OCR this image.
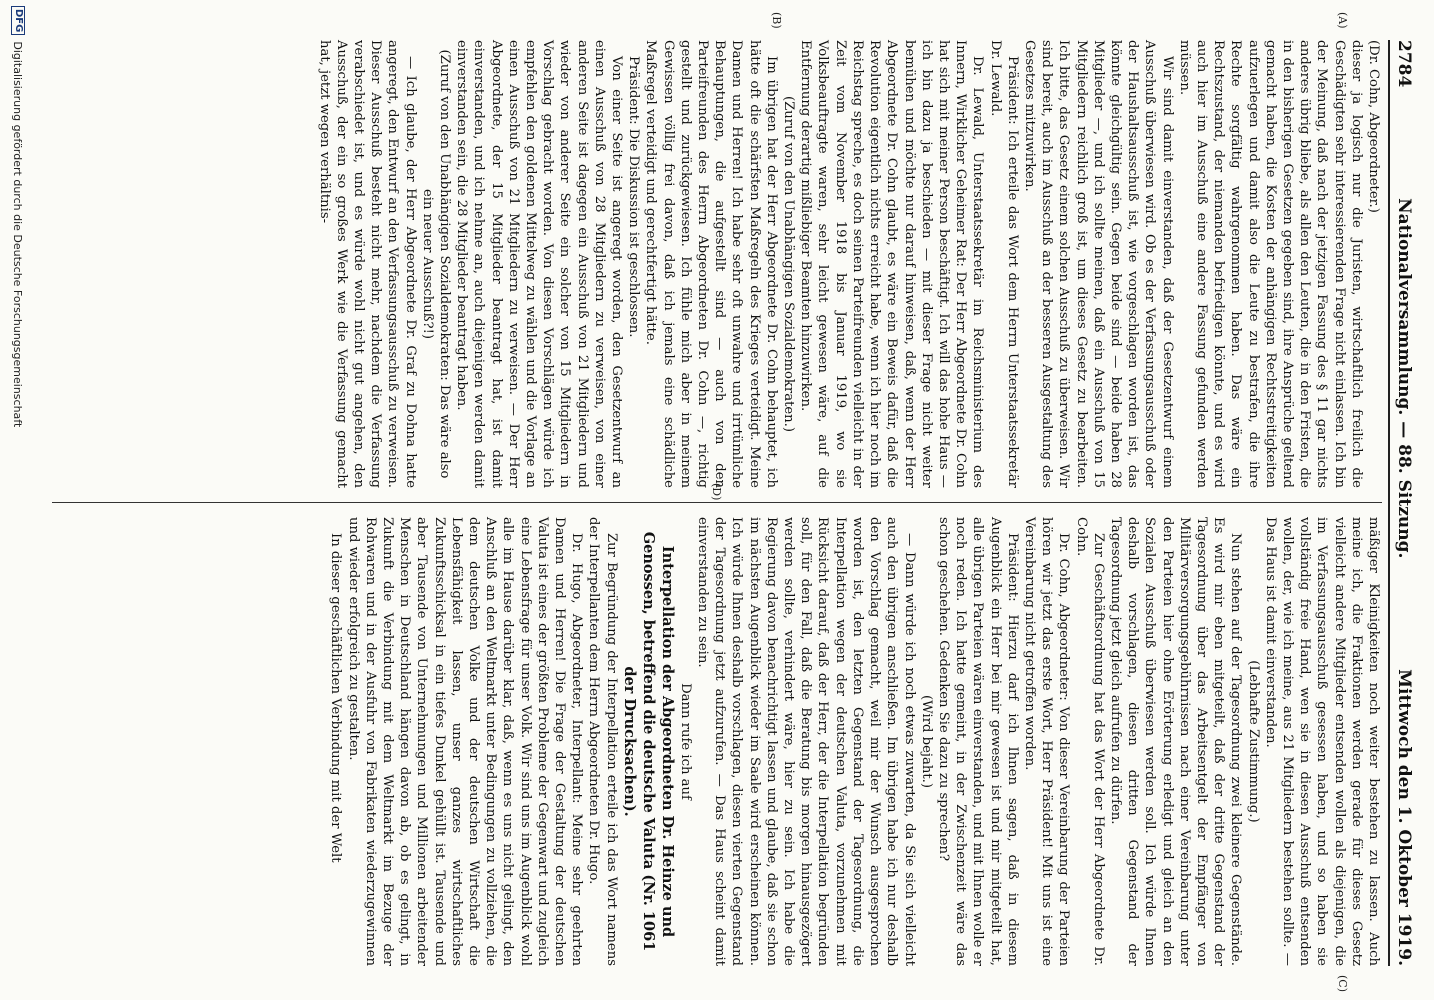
2784
Nationalversammlung. — 88. Sitzung.
Mittwoch den 1. Oktober 1919.
(A)
(B)

(Dr. Cohn, Abgeordneter.)

dieser ja logisch nur die Juristen, wirtschaftlich freilich die Geschädigten sehr interessierenden Frage nicht einlassen. Ich bin der Meinung, daß nach der jetzigen Fassung des § 11 gar nichts anderes übrig bliebe, als allen den Leuten, die in den Fristen, die in den bisherigen Gesetzen gegeben sind, ihre Ansprüche geltend gemacht haben, die Kosten der anhängigen Rechtsstreitigkeiten aufzuerlegen und damit also die Leute zu bestrafen, die ihre Rechte sorgfältig wahrgenommen haben. Das wäre ein Rechtszustand, der niemanden befriedigen könnte, und es wird auch hier im Ausschuß eine andere Fassung gefunden werden müssen.

Wir sind damit einverstanden, daß der Gesetzentwurf einem Ausschuß überwiesen wird. Ob es der Verfassungsausschuß oder der Haushaltsausschuß ist, wie vorgeschlagen worden ist, das könnte gleichgültig sein. Gegen beide sind — beide haben 28 Mitglieder —, und ich sollte meinen, daß ein Ausschuß von 15 Mitgliedern reichlich groß ist, um dieses Gesetz zu bearbeiten. Ich bitte, das Gesetz einem solchen Ausschuß zu überweisen. Wir sind bereit, auch im Ausschuß an der besseren Ausgestaltung des Gesetzes mitzuwirken.

Präsident: Ich erteile das Wort dem Herrn Unterstaatssekretär Dr. Lewald.

Dr. Lewald, Unterstaatssekretär im Reichsministerium des Innern, Wirklicher Geheimer Rat: Der Herr Abgeordnete Dr. Cohn hat sich mit meiner Person beschäftigt. Ich will das hohe Haus — ich bin dazu ja beschieden — mit dieser Frage nicht weiter bemühen und möchte nur darauf hinweisen, daß, wenn der Herr Abgeordnete Dr. Cohn glaubt, es wäre ein Beweis dafür, daß die Revolution eigentlich nichts erreicht habe, wenn ich hier noch im Reichstag spreche, es doch seinen Parteifreunden vielleicht in der Zeit vom November 1918 bis Januar 1919, wo sie Volksbeauftragte waren, sehr leicht gewesen wäre, auf die Entfernung derartig mißliebiger Beamten hinzuwirken.

(Zuruf von den Unabhängigen Sozialdemokraten.)

Im übrigen hat der Herr Abgeordnete Dr. Cohn behauptet, ich hätte oft die schärfsten Maßregeln des Krieges verteidigt. Meine Damen und Herren! Ich habe sehr oft unwahre und irrtümliche Behauptungen, die aufgestellt sind — auch von den Parteifreunden des Herrn Abgeordneten Dr. Cohn —, richtig gestellt und zurückgewiesen. Ich fühle mich aber in meinem Gewissen völlig frei davon, daß ich jemals eine schädliche Maßregel verteidigt und gerechtfertigt hätte.

Präsident: Die Diskussion ist geschlossen.

Von einer Seite ist angeregt worden, den Gesetzentwurf an einen Ausschuß von 28 Mitgliedern zu verweisen, von einer anderen Seite ist dagegen ein Ausschuß von 21 Mitgliedern und wieder von anderer Seite ein solcher von 15 Mitgliedern in Vorschlag gebracht worden. Von diesen Vorschlägen würde ich empfehlen den goldenen Mittelweg zu wählen und die Vorlage an einen Ausschuß von 21 Mitgliedern zu verweisen. — Der Herr Abgeordnete, der 15 Mitglieder beantragt hat, ist damit einverstanden, und ich nehme an, auch diejenigen werden damit einverstanden sein, die 28 Mitglieder beantragt haben.

(Zuruf von den Unabhängigen Sozialdemokraten: Das wäre also ein neuer Ausschuß?!)

— Ich glaube, der Herr Abgeordnete Dr. Graf zu Dohna hatte angeregt, den Entwurf an den Verfassungsausschuß zu verweisen. Dieser Ausschuß besteht nicht mehr, nachdem die Verfassung verabschiedet ist, und es würde wohl nicht gut angehen, den Ausschuß, der ein so großes Werk wie die Verfassung gemacht hat, jetzt wegen verhältnis-

(C)
(D)

mäßiger Kleinigkeiten noch weiter bestehen zu lassen. Auch meine ich, die Fraktionen werden gerade für dieses Gesetz vielleicht andere Mitglieder entsenden wollen als diejenigen, die im Verfassungsausschuß gesessen haben, und so haben sie vollständig freie Hand, wen sie in diesen Ausschuß entsenden wollen, der, wie ich meine, aus 21 Mitgliedern bestehen sollte. — Das Haus ist damit einverstanden.

(Lebhafte Zustimmung.)

Nun stehen auf der Tagesordnung zwei kleinere Gegenstände. Es wird mir eben mitgeteilt, daß der dritte Gegenstand der Tagesordnung über das Arbeitsentgelt der Empfänger von Militärversorgungsgebührnissen nach einer Vereinbarung unter den Parteien hier ohne Erörterung erledigt und gleich an den Sozialen Ausschuß überwiesen werden soll. Ich würde Ihnen deshalb vorschlagen, diesen dritten Gegenstand der Tagesordnung jetzt gleich aufrufen zu dürfen.

Zur Geschäftsordnung hat das Wort der Herr Abgeordnete Dr. Cohn.

Dr. Cohn, Abgeordneter: Von dieser Vereinbarung der Parteien hören wir jetzt das erste Wort, Herr Präsident! Mit uns ist eine Vereinbarung nicht getroffen worden.

Präsident: Hierzu darf ich Ihnen sagen, daß in diesem Augenblick ein Herr bei mir gewesen ist und mir mitgeteilt hat, alle übrigen Parteien wären einverstanden, und mit Ihnen wolle er noch reden. Ich hatte gemeint, in der Zwischenzeit wäre das schon geschehen. Gedenken Sie dazu zu sprechen?

(Wird bejaht.)

— Dann würde ich noch etwas zuwarten, da Sie sich vielleicht auch den übrigen anschließen. Im übrigen habe ich nur deshalb den Vorschlag gemacht, weil mir der Wunsch ausgesprochen worden ist, den letzten Gegenstand der Tagesordnung, die Interpellation wegen der deutschen Valuta, vorzunehmen mit Rücksicht darauf, daß der Herr, der die Interpellation begründen soll, für den Fall, daß die Beratung bis morgen hinausgezögert werden sollte, verhindert wäre, hier zu sein. Ich habe die Regierung davon benachrichtigt lassen und glaube, daß sie schon im nächsten Augenblick wieder im Saale wird erscheinen können. Ich würde Ihnen deshalb vorschlagen, diesen vierten Gegenstand der Tagesordnung jetzt aufzurufen. — Das Haus scheint damit einverstanden zu sein.

Dann rufe ich auf

Interpellation der Abgeordneten Dr. Heinze und Genossen, betreffend die deutsche Valuta (Nr. 1061 der Drucksachen).

Zur Begründung der Interpellation erteile ich das Wort namens der Interpellanten dem Herrn Abgeordneten Dr. Hugo.

Dr. Hugo, Abgeordneter, Interpellant: Meine sehr geehrten Damen und Herren! Die Frage der Gestaltung der deutschen Valuta ist eines der größten Probleme der Gegenwart und zugleich eine Lebensfrage für unser Volk. Wir sind uns im Augenblick wohl alle im Hause darüber klar, daß, wenn es uns nicht gelingt, den Anschluß an den Weltmarkt unter Bedingungen zu vollziehen, die dem deutschen Volke und der deutschen Wirtschaft die Lebensfähigkeit lassen, unser ganzes wirtschaftliches Zukunftsschicksal in ein tiefes Dunkel gehüllt ist. Tausende und aber Tausende von Unternehmungen und Millionen arbeitender Menschen in Deutschland hängen davon ab, ob es gelingt, in Zukunft die Verbindung mit dem Weltmarkt im Bezuge der Rohwaren und in der Ausfuhr von Fabrikaten wiederzugewinnen und wieder erfolgreich zu gestalten.

In dieser geschäftlichen Verbindung mit der Welt

DFG
Digitalisierung gefördert durch die Deutsche Forschungsgemeinschaft
